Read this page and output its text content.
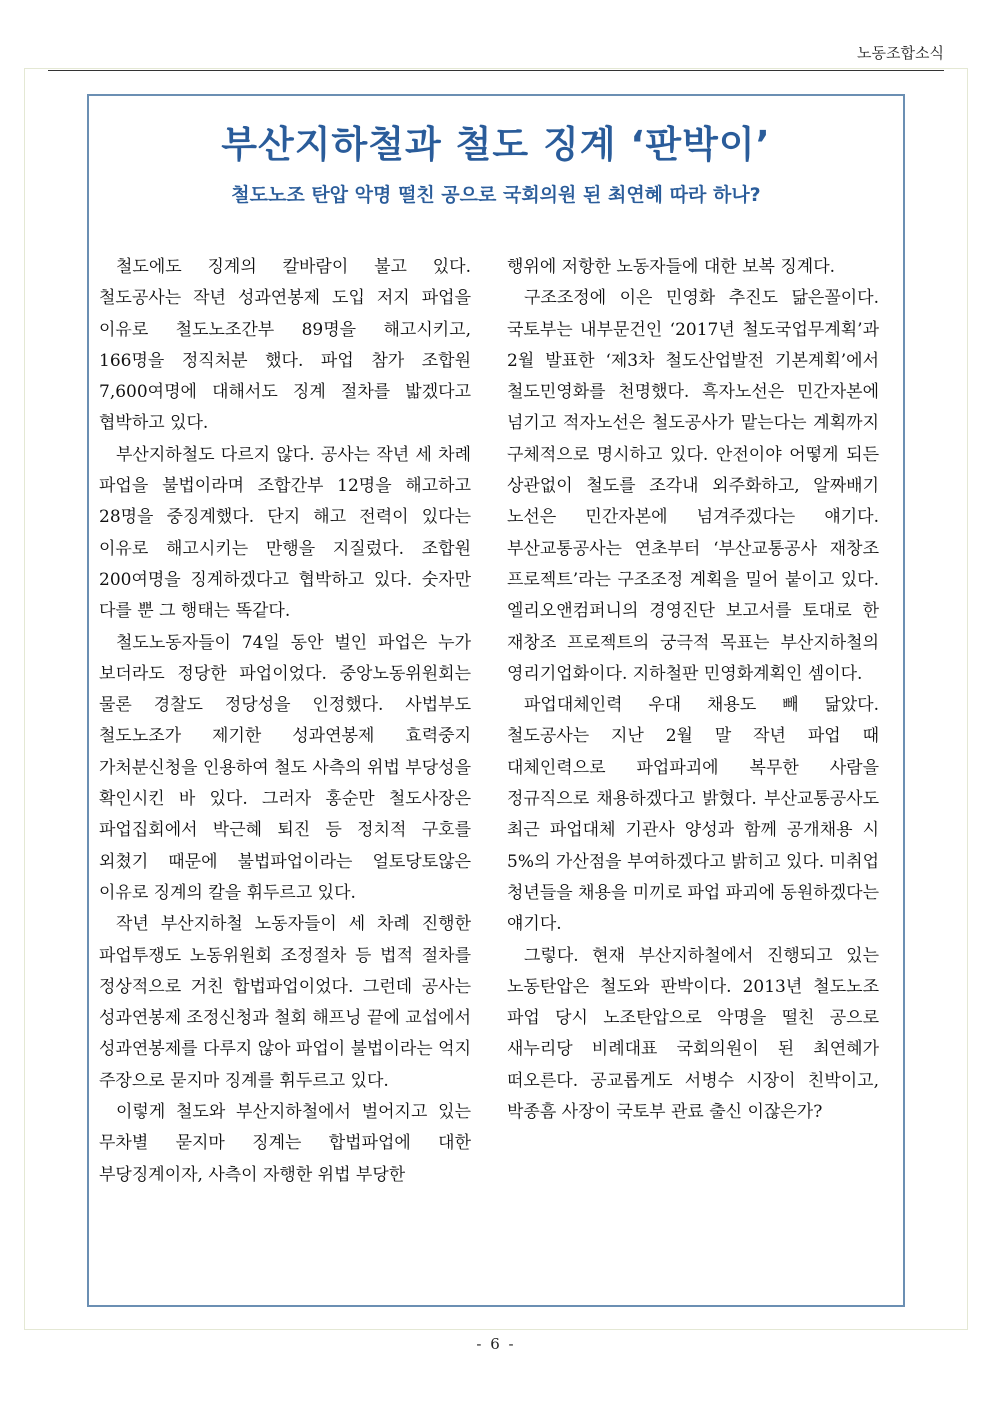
노동조합소식
부산지하철과 철도 징계 ‘판박이’
철도노조 탄압 악명 떨친 공으로 국회의원 된 최연혜 따라 하나?

철도에도 징계의 칼바람이 불고 있다. 철도공사는 작년 성과연봉제 도입 저지 파업을 이유로 철도노조간부 89명을 해고시키고, 166명을 정직처분 했다. 파업 참가 조합원 7,600여명에 대해서도 징계 절차를 밟겠다고 협박하고 있다.

부산지하철도 다르지 않다. 공사는 작년 세 차례 파업을 불법이라며 조합간부 12명을 해고하고 28명을 중징계했다. 단지 해고 전력이 있다는 이유로 해고시키는 만행을 지질렀다. 조합원 200여명을 징계하겠다고 협박하고 있다. 숫자만 다를 뿐 그 행태는 똑같다.

철도노동자들이 74일 동안 벌인 파업은 누가 보더라도 정당한 파업이었다. 중앙노동위원회는 물론 경찰도 정당성을 인정했다. 사법부도 철도노조가 제기한 성과연봉제 효력중지 가처분신청을 인용하여 철도 사측의 위법 부당성을 확인시킨 바 있다. 그러자 홍순만 철도사장은 파업집회에서 박근혜 퇴진 등 정치적 구호를 외쳤기 때문에 불법파업이라는 얼토당토않은 이유로 징계의 칼을 휘두르고 있다.

작년 부산지하철 노동자들이 세 차례 진행한 파업투쟁도 노동위원회 조정절차 등 법적 절차를 정상적으로 거친 합법파업이었다. 그런데 공사는 성과연봉제 조정신청과 철회 해프닝 끝에 교섭에서 성과연봉제를 다루지 않아 파업이 불법이라는 억지 주장으로 묻지마 징계를 휘두르고 있다.

이렇게 철도와 부산지하철에서 벌어지고 있는 무차별 묻지마 징계는 합법파업에 대한 부당징계이자, 사측이 자행한 위법 부당한

행위에 저항한 노동자들에 대한 보복 징계다.

구조조정에 이은 민영화 추진도 닮은꼴이다. 국토부는 내부문건인 ‘2017년 철도국업무계획’과 2월 발표한 ‘제3차 철도산업발전 기본계획’에서 철도민영화를 천명했다. 흑자노선은 민간자본에 넘기고 적자노선은 철도공사가 맡는다는 계획까지 구체적으로 명시하고 있다. 안전이야 어떻게 되든 상관없이 철도를 조각내 외주화하고, 알짜배기 노선은 민간자본에 넘겨주겠다는 얘기다. 부산교통공사는 연초부터 ‘부산교통공사 재창조 프로젝트’라는 구조조정 계획을 밀어 붙이고 있다. 엘리오앤컴퍼니의 경영진단 보고서를 토대로 한 재창조 프로젝트의 궁극적 목표는 부산지하철의 영리기업화이다. 지하철판 민영화계획인 셈이다.

파업대체인력 우대 채용도 빼 닮았다. 철도공사는 지난 2월 말 작년 파업 때 대체인력으로 파업파괴에 복무한 사람을 정규직으로 채용하겠다고 밝혔다. 부산교통공사도 최근 파업대체 기관사 양성과 함께 공개채용 시 5%의 가산점을 부여하겠다고 밝히고 있다. 미취업 청년들을 채용을 미끼로 파업 파괴에 동원하겠다는 얘기다.

그렇다. 현재 부산지하철에서 진행되고 있는 노동탄압은 철도와 판박이다. 2013년 철도노조 파업 당시 노조탄압으로 악명을 떨친 공으로 새누리당 비례대표 국회의원이 된 최연혜가 떠오른다. 공교롭게도 서병수 시장이 친박이고, 박종흠 사장이 국토부 관료 출신 이잖은가?

- 6 -
